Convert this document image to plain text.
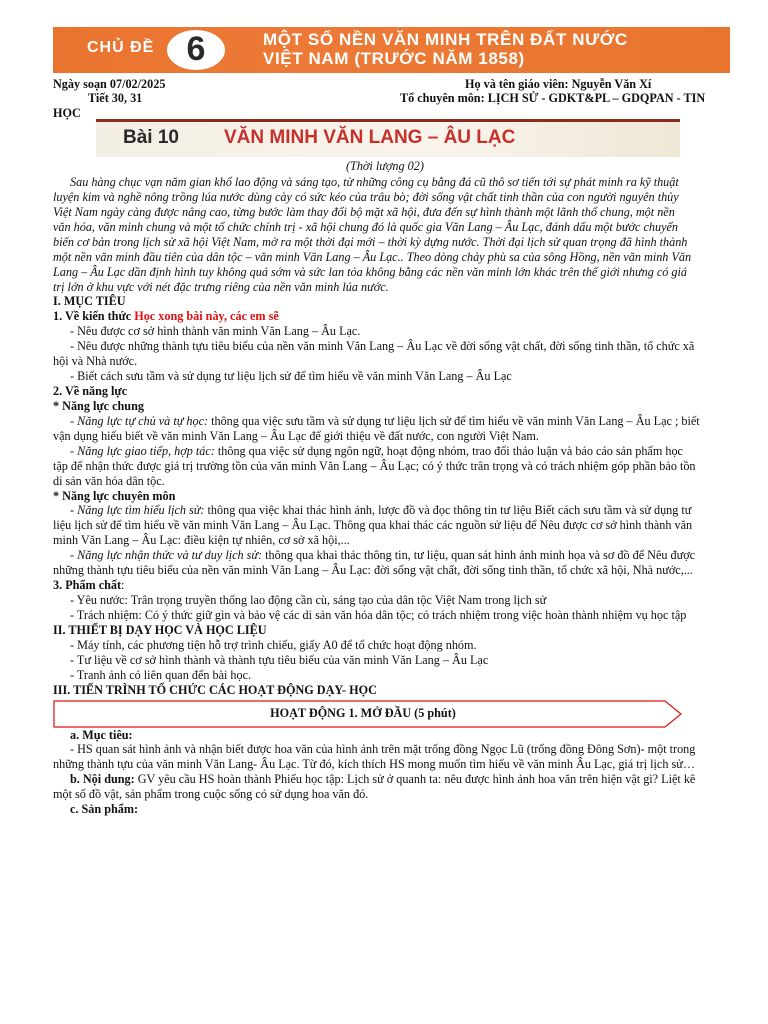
CHỦ ĐỀ 6	MỘT SỐ NỀN VĂN MINH TRÊN ĐẤT NƯỚC
VIỆT NAM (TRƯỚC NĂM 1858)
Ngày soạn 07/02/2025	Họ và tên giáo viên: Nguyễn Văn Xí
Tiết 30, 31	Tổ chuyên môn: LỊCH SỬ - GDKT&PL – GDQPAN - TIN
HỌC
Bài 10 VĂN MINH VĂN LANG – ÂU LẠC
(Thời lượng 02)
Sau hàng chục vạn năm gian khổ lao động và sáng tạo, từ những công cụ bằng đá cũ thô sơ tiến tới sự phát minh ra kỹ thuật
luyện kim và nghề nông trồng lúa nước dùng cày có sức kéo của trâu bò; đời sống vật chất tinh thần của con người nguyên thủy
Việt Nam ngày càng được nâng cao, từng bước làm thay đổi bộ mặt xã hội, đưa đến sự hình thành một lãnh thổ chung, một nền
văn hóa, văn minh chung và một tổ chức chính trị - xã hội chung đó là quốc gia Văn Lang – Âu Lạc, đánh dấu một bước chuyển
biến cơ bản trong lịch sử xã hội Việt Nam, mở ra một thời đại mới – thời kỳ dựng nước. Thời đại lịch sử quan trọng đã hình thành
một nền văn minh đầu tiên của dân tộc – văn minh Văn Lang – Âu Lạc.. Theo dòng chảy phù sa của sông Hồng, nền văn minh Văn
Lang – Âu Lạc dần định hình tuy không quá sớm và sức lan tỏa không bằng các nền văn minh lớn khác trên thế giới nhưng có giá
trị lớn ở khu vực với nét đặc trưng riêng của nền văn minh lúa nước.
I. MỤC TIÊU
1. Về kiến thức Học xong bài này, các em sẽ
- Nêu được cơ sở hình thành văn minh Văn Lang – Âu Lạc.
- Nêu được những thành tựu tiêu biểu của nền văn minh Văn Lang – Âu Lạc về đời sống vật chất, đời sống tinh thần, tổ chức xã
hội và Nhà nước.
- Biết cách sưu tầm và sử dụng tư liệu lịch sử để tìm hiểu về văn minh Văn Lang – Âu Lạc
2. Về năng lực
* Năng lực chung
- Năng lực tự chủ và tự học: thông qua việc sưu tầm và sử dụng tư liệu lịch sử để tìm hiểu về văn minh Văn Lang – Âu Lạc ; biết
vận dụng hiểu biết về văn minh Văn Lang – Âu Lạc để giới thiệu về đất nước, con người Việt Nam.
- Năng lực giao tiếp, hợp tác: thông qua việc sử dụng ngôn ngữ, hoạt động nhóm, trao đổi thảo luận và báo cáo sản phẩm học
tập để nhận thức được giá trị trường tồn của văn minh Văn Lang – Âu Lạc; có ý thức trân trọng và có trách nhiệm góp phần bảo tồn
di sản văn hóa dân tộc.
* Năng lực chuyên môn
- Năng lực tìm hiểu lịch sử: thông qua việc khai thác hình ảnh, lược đồ và đọc thông tin tư liệu Biết cách sưu tầm và sử dụng tư
liệu lịch sử để tìm hiểu về văn minh Văn Lang – Âu Lạc. Thông qua khai thác các nguồn sử liệu để Nêu được cơ sở hình thành văn
minh Văn Lang – Âu Lạc: điều kiện tự nhiên, cơ sở xã hội,...
- Năng lực nhận thức và tư duy lịch sử: thông qua khai thác thông tin, tư liệu, quan sát hình ảnh minh họa và sơ đồ để Nêu được
những thành tựu tiêu biểu của nền văn minh Văn Lang – Âu Lạc: đời sống vật chất, đời sống tinh thần, tổ chức xã hội, Nhà nước,...
3. Phẩm chất:
- Yêu nước: Trân trọng truyền thống lao động cần cù, sáng tạo của dân tộc Việt Nam trong lịch sử
- Trách nhiệm: Có ý thức giữ gìn và bảo vệ các di sản văn hóa dân tộc; có trách nhiệm trong việc hoàn thành nhiệm vụ học tập
II. THIẾT BỊ DẠY HỌC VÀ HỌC LIỆU
- Máy tính, các phương tiện hỗ trợ trình chiếu, giấy A0 để tổ chức hoạt động nhóm.
- Tư liệu về cơ sở hình thành và thành tựu tiêu biểu của văn minh Văn Lang – Âu Lạc
- Tranh ảnh có liên quan đến bài học.
III. TIẾN TRÌNH TỔ CHỨC CÁC HOẠT ĐỘNG DẠY- HỌC
HOẠT ĐỘNG 1. MỞ ĐẦU (5 phút)
a. Mục tiêu:
- HS quan sát hình ảnh và nhận biết được hoa văn của hình ảnh trên mặt trống đồng Ngọc Lũ (trống đồng Đông Sơn)- một trong
những thành tựu của văn minh Văn Lang- Âu Lạc. Từ đó, kích thích HS mong muốn tìm hiểu về văn minh Âu Lạc, giá trị lịch sử…
b. Nội dung: GV yêu cầu HS hoàn thành Phiếu học tập: Lịch sử ở quanh ta: nêu được hình ảnh hoa văn trên hiện vật gì? Liệt kê
một số đồ vật, sản phẩm trong cuộc sống có sử dụng hoa văn đó.
c. Sản phẩm:
